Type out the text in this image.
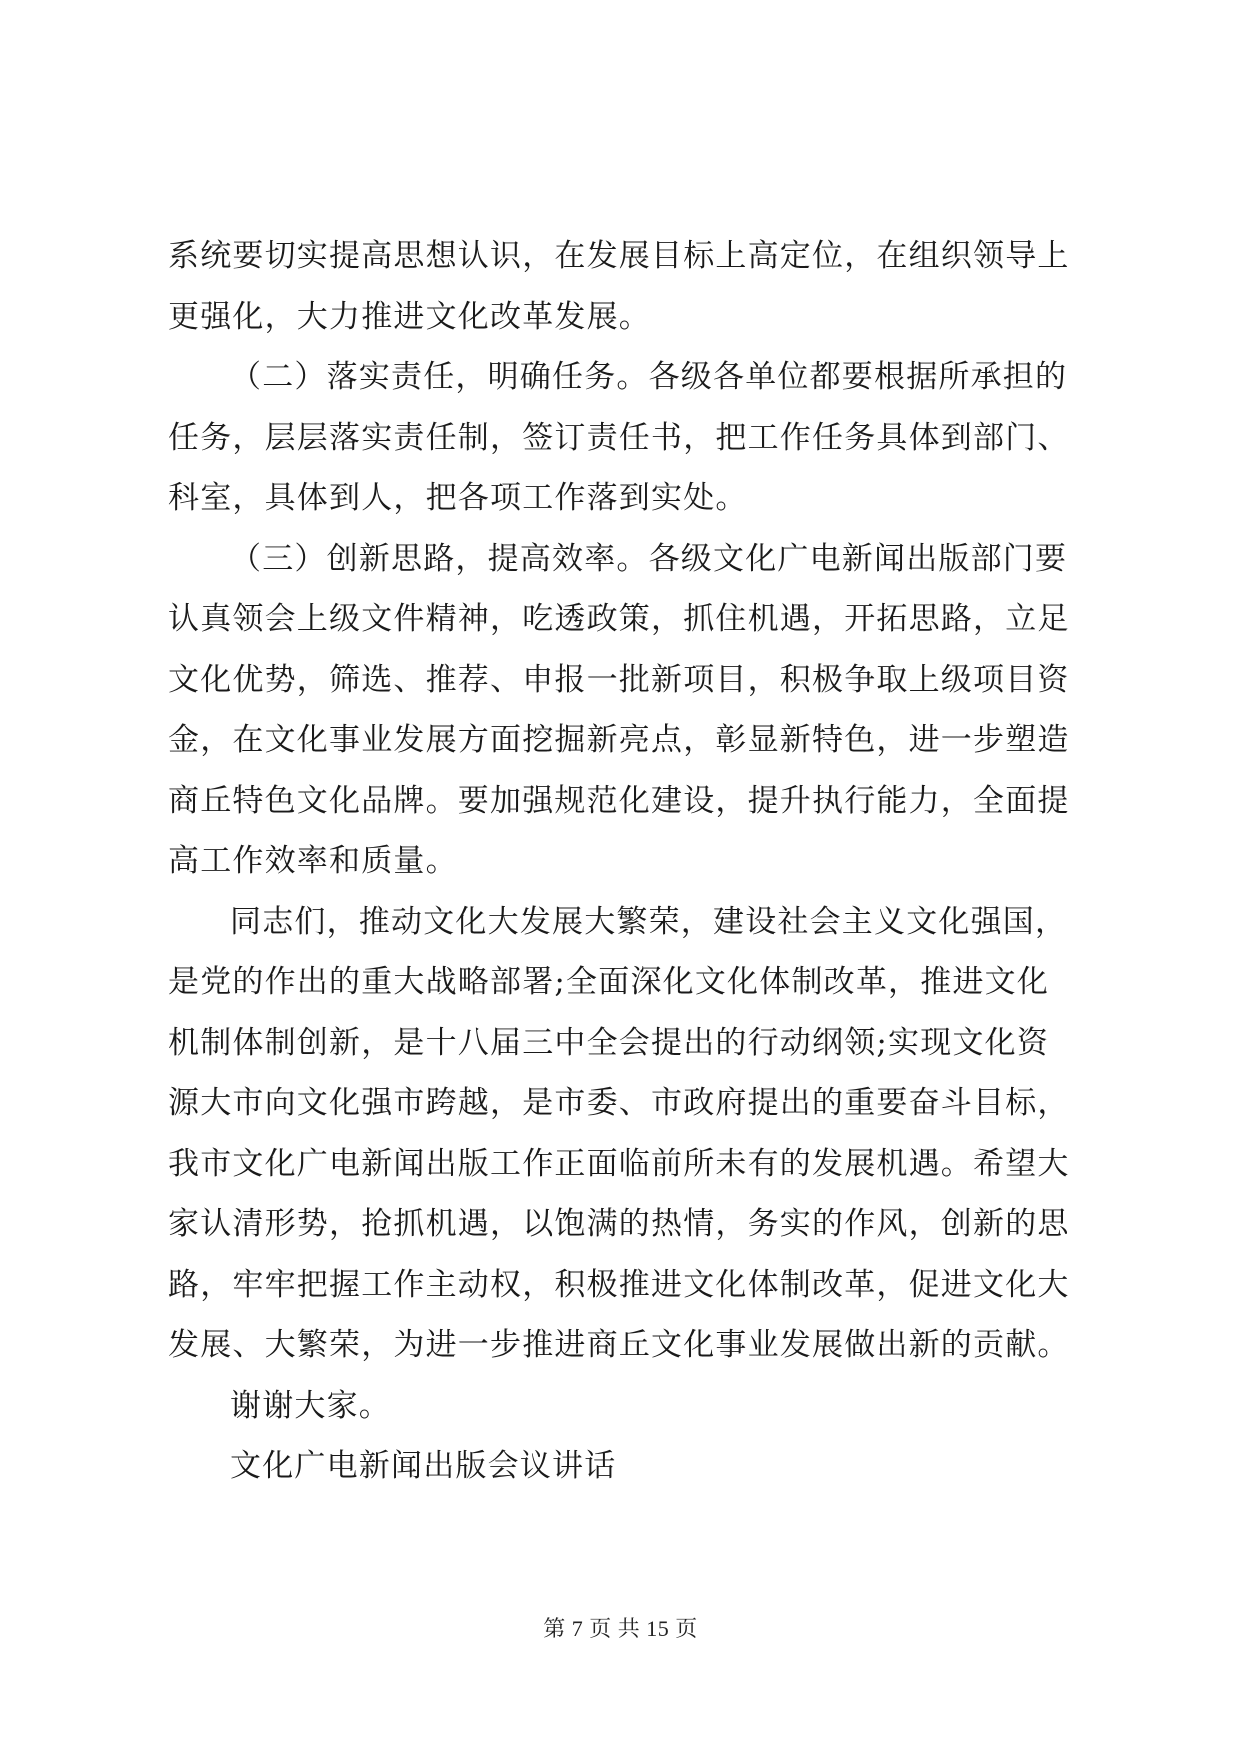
系统要切实提高思想认识，在发展目标上高定位，在组织领导上
更强化，大力推进文化改革发展。
（二）落实责任，明确任务。各级各单位都要根据所承担的
任务，层层落实责任制，签订责任书，把工作任务具体到部门、
科室，具体到人，把各项工作落到实处。
（三）创新思路，提高效率。各级文化广电新闻出版部门要
认真领会上级文件精神，吃透政策，抓住机遇，开拓思路，立足
文化优势，筛选、推荐、申报一批新项目，积极争取上级项目资
金，在文化事业发展方面挖掘新亮点，彰显新特色，进一步塑造
商丘特色文化品牌。要加强规范化建设，提升执行能力，全面提
高工作效率和质量。
同志们，推动文化大发展大繁荣，建设社会主义文化强国，
是党的作出的重大战略部署;全面深化文化体制改革，推进文化
机制体制创新，是十八届三中全会提出的行动纲领;实现文化资
源大市向文化强市跨越，是市委、市政府提出的重要奋斗目标，
我市文化广电新闻出版工作正面临前所未有的发展机遇。希望大
家认清形势，抢抓机遇，以饱满的热情，务实的作风，创新的思
路，牢牢把握工作主动权，积极推进文化体制改革，促进文化大
发展、大繁荣，为进一步推进商丘文化事业发展做出新的贡献。
谢谢大家。
文化广电新闻出版会议讲话
第 7 页 共 15 页
